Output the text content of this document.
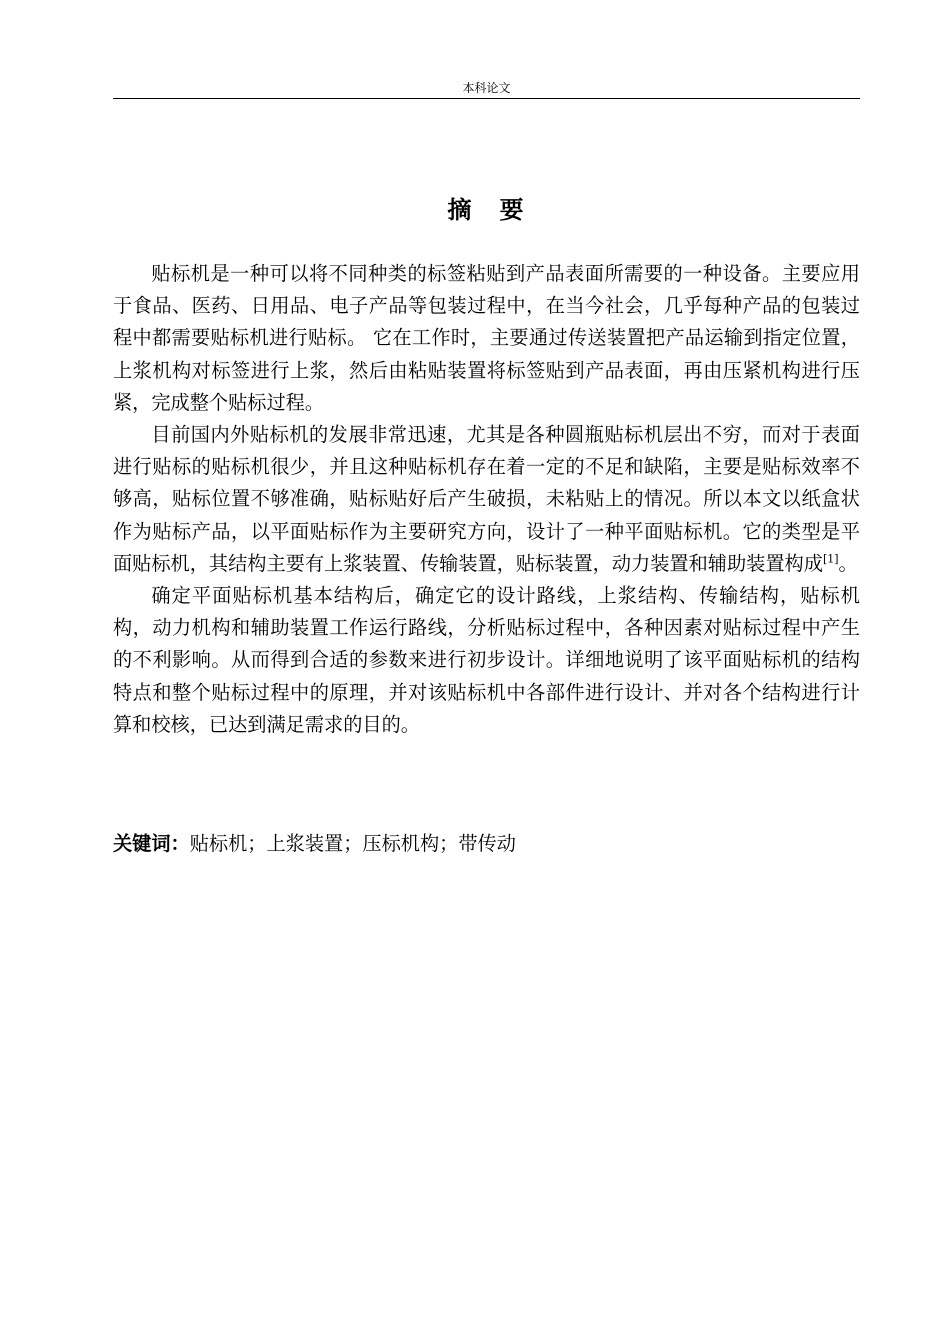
本科论文
摘　要

贴标机是一种可以将不同种类的标签粘贴到产品表面所需要的一种设备。主要应用于食品、医药、日用品、电子产品等包装过程中，在当今社会，几乎每种产品的包装过程中都需要贴标机进行贴标。 它在工作时，主要通过传送装置把产品运输到指定位置，上浆机构对标签进行上浆，然后由粘贴装置将标签贴到产品表面，再由压紧机构进行压紧，完成整个贴标过程。

目前国内外贴标机的发展非常迅速，尤其是各种圆瓶贴标机层出不穷，而对于表面进行贴标的贴标机很少，并且这种贴标机存在着一定的不足和缺陷，主要是贴标效率不够高，贴标位置不够准确，贴标贴好后产生破损，未粘贴上的情况。所以本文以纸盒状作为贴标产品，以平面贴标作为主要研究方向，设计了一种平面贴标机。它的类型是平面贴标机，其结构主要有上浆装置、传输装置，贴标装置，动力装置和辅助装置构成[1]。

确定平面贴标机基本结构后，确定它的设计路线，上浆结构、传输结构，贴标机构，动力机构和辅助装置工作运行路线，分析贴标过程中，各种因素对贴标过程中产生的不利影响。从而得到合适的参数来进行初步设计。详细地说明了该平面贴标机的结构特点和整个贴标过程中的原理，并对该贴标机中各部件进行设计、并对各个结构进行计算和校核，已达到满足需求的目的。

关键词：贴标机；上浆装置；压标机构；带传动
